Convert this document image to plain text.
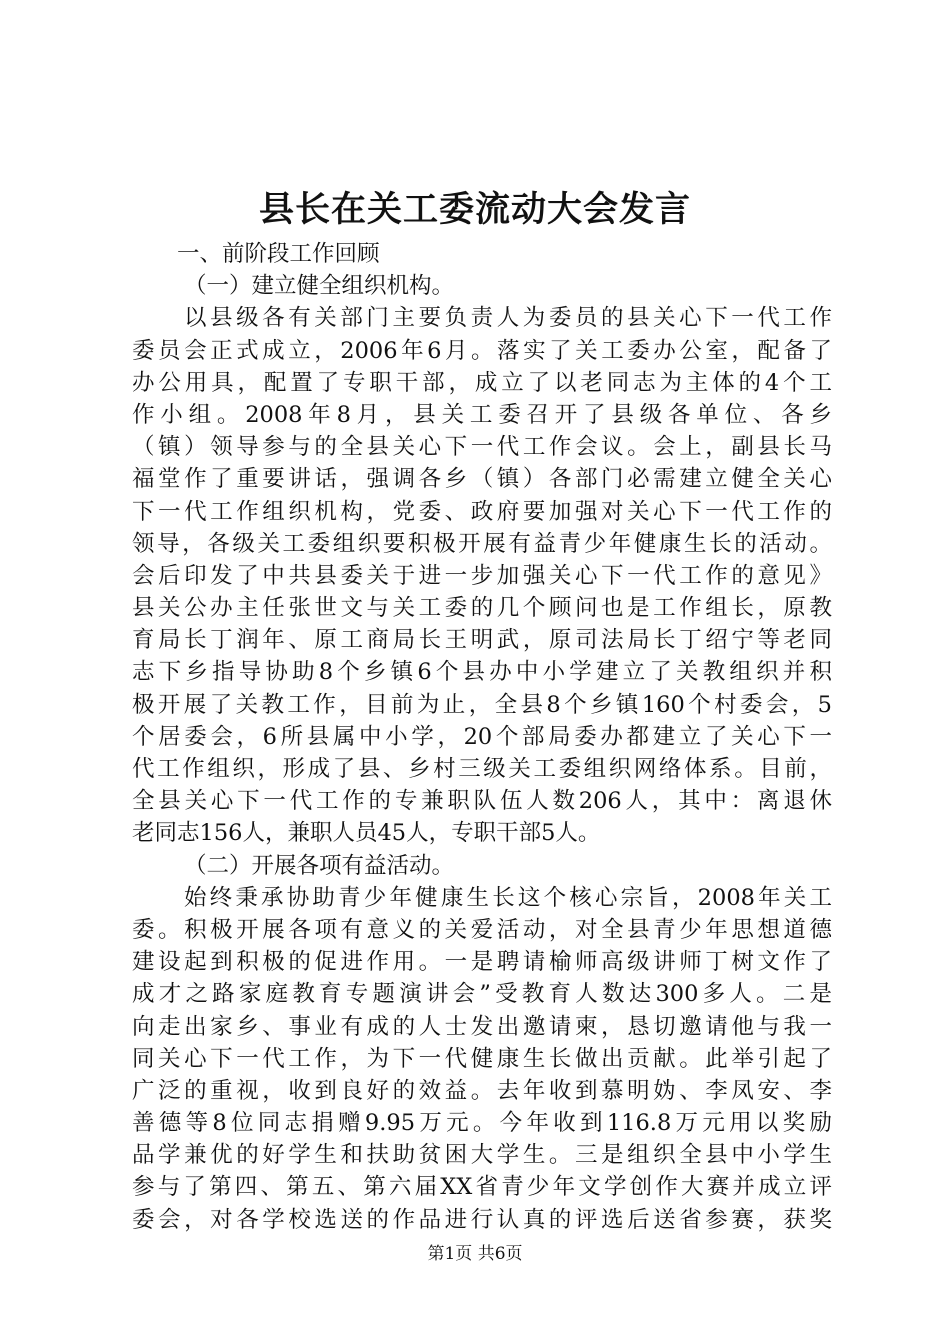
县长在关工委流动大会发言
一、前阶段工作回顾
（一）建立健全组织机构。
以县级各有关部门主要负责人为委员的县关心下一代工作
委员会正式成立，2006年6月。落实了关工委办公室，配备了
办公用具，配置了专职干部，成立了以老同志为主体的4个工
作小组。2008年8月，县关工委召开了县级各单位、各乡
（镇）领导参与的全县关心下一代工作会议。会上，副县长马
福堂作了重要讲话，强调各乡（镇）各部门必需建立健全关心
下一代工作组织机构，党委、政府要加强对关心下一代工作的
领导，各级关工委组织要积极开展有益青少年健康生长的活动。
会后印发了中共县委关于进一步加强关心下一代工作的意见》
县关公办主任张世文与关工委的几个顾问也是工作组长，原教
育局长丁润年、原工商局长王明武，原司法局长丁绍宁等老同
志下乡指导协助8个乡镇6个县办中小学建立了关教组织并积
极开展了关教工作，目前为止，全县8个乡镇160个村委会，5
个居委会，6所县属中小学，20个部局委办都建立了关心下一
代工作组织，形成了县、乡村三级关工委组织网络体系。目前，
全县关心下一代工作的专兼职队伍人数206人，其中：离退休
老同志156人，兼职人员45人，专职干部5人。
（二）开展各项有益活动。
始终秉承协助青少年健康生长这个核心宗旨，2008年关工
委。积极开展各项有意义的关爱活动，对全县青少年思想道德
建设起到积极的促进作用。一是聘请榆师高级讲师丁树文作了
成才之路家庭教育专题演讲会”受教育人数达300多人。二是
向走出家乡、事业有成的人士发出邀请柬，恳切邀请他与我一
同关心下一代工作，为下一代健康生长做出贡献。此举引起了
广泛的重视，收到良好的效益。去年收到慕明妫、李凤安、李
善德等8位同志捐赠9.95万元。今年收到116.8万元用以奖励
品学兼优的好学生和扶助贫困大学生。三是组织全县中小学生
参与了第四、第五、第六届XX省青少年文学创作大赛并成立评
委会，对各学校选送的作品进行认真的评选后送省参赛，获奖
第1页 共6页
